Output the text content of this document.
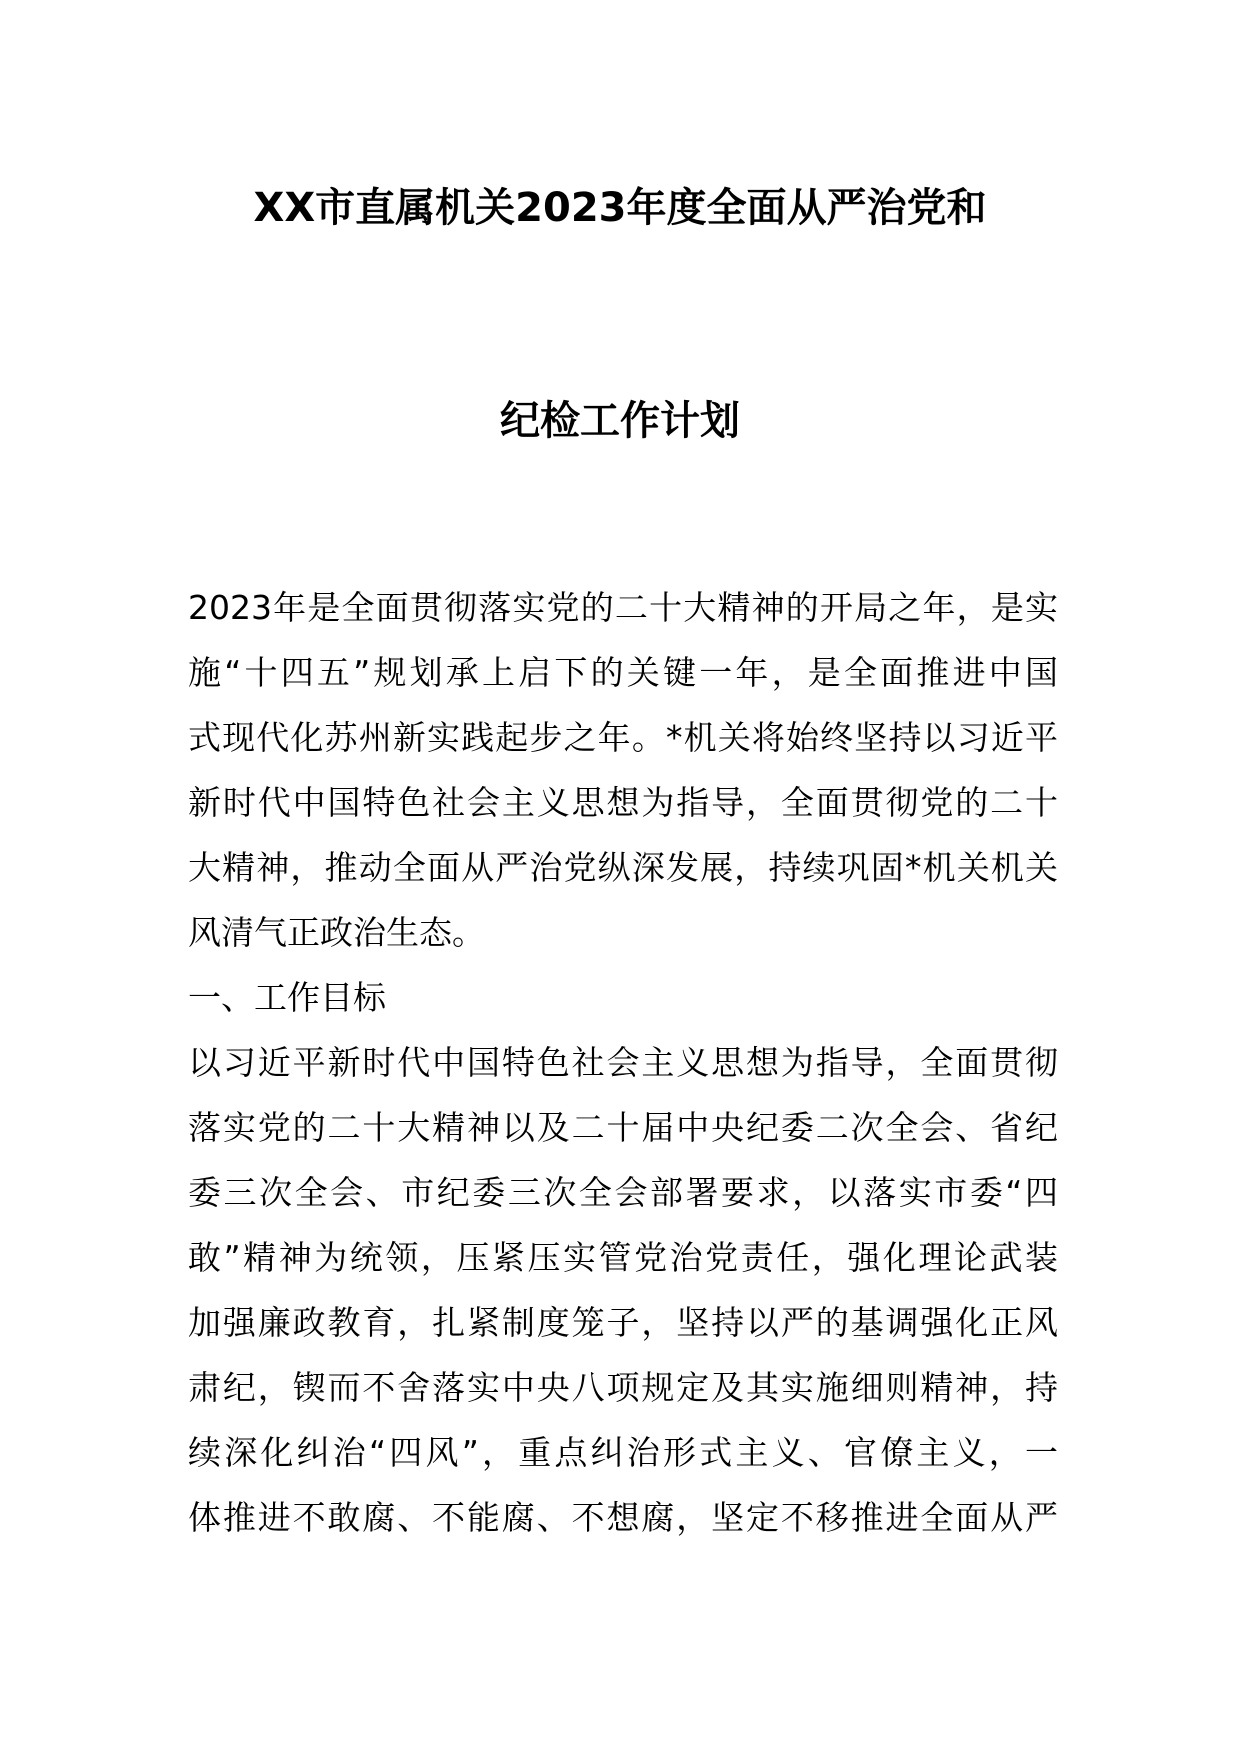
XX市直属机关2023年度全面从严治党和
纪检工作计划
2023年是全面贯彻落实党的二十大精神的开局之年，是实
施“十四五”规划承上启下的关键一年，是全面推进中国
式现代化苏州新实践起步之年。*机关将始终坚持以习近平
新时代中国特色社会主义思想为指导，全面贯彻党的二十
大精神，推动全面从严治党纵深发展，持续巩固*机关机关
风清气正政治生态。
一、工作目标
以习近平新时代中国特色社会主义思想为指导，全面贯彻
落实党的二十大精神以及二十届中央纪委二次全会、省纪
委三次全会、市纪委三次全会部署要求，以落实市委“四
敢”精神为统领，压紧压实管党治党责任，强化理论武装
加强廉政教育，扎紧制度笼子，坚持以严的基调强化正风
肃纪，锲而不舍落实中央八项规定及其实施细则精神，持
续深化纠治“四风”，重点纠治形式主义、官僚主义，一
体推进不敢腐、不能腐、不想腐，坚定不移推进全面从严
